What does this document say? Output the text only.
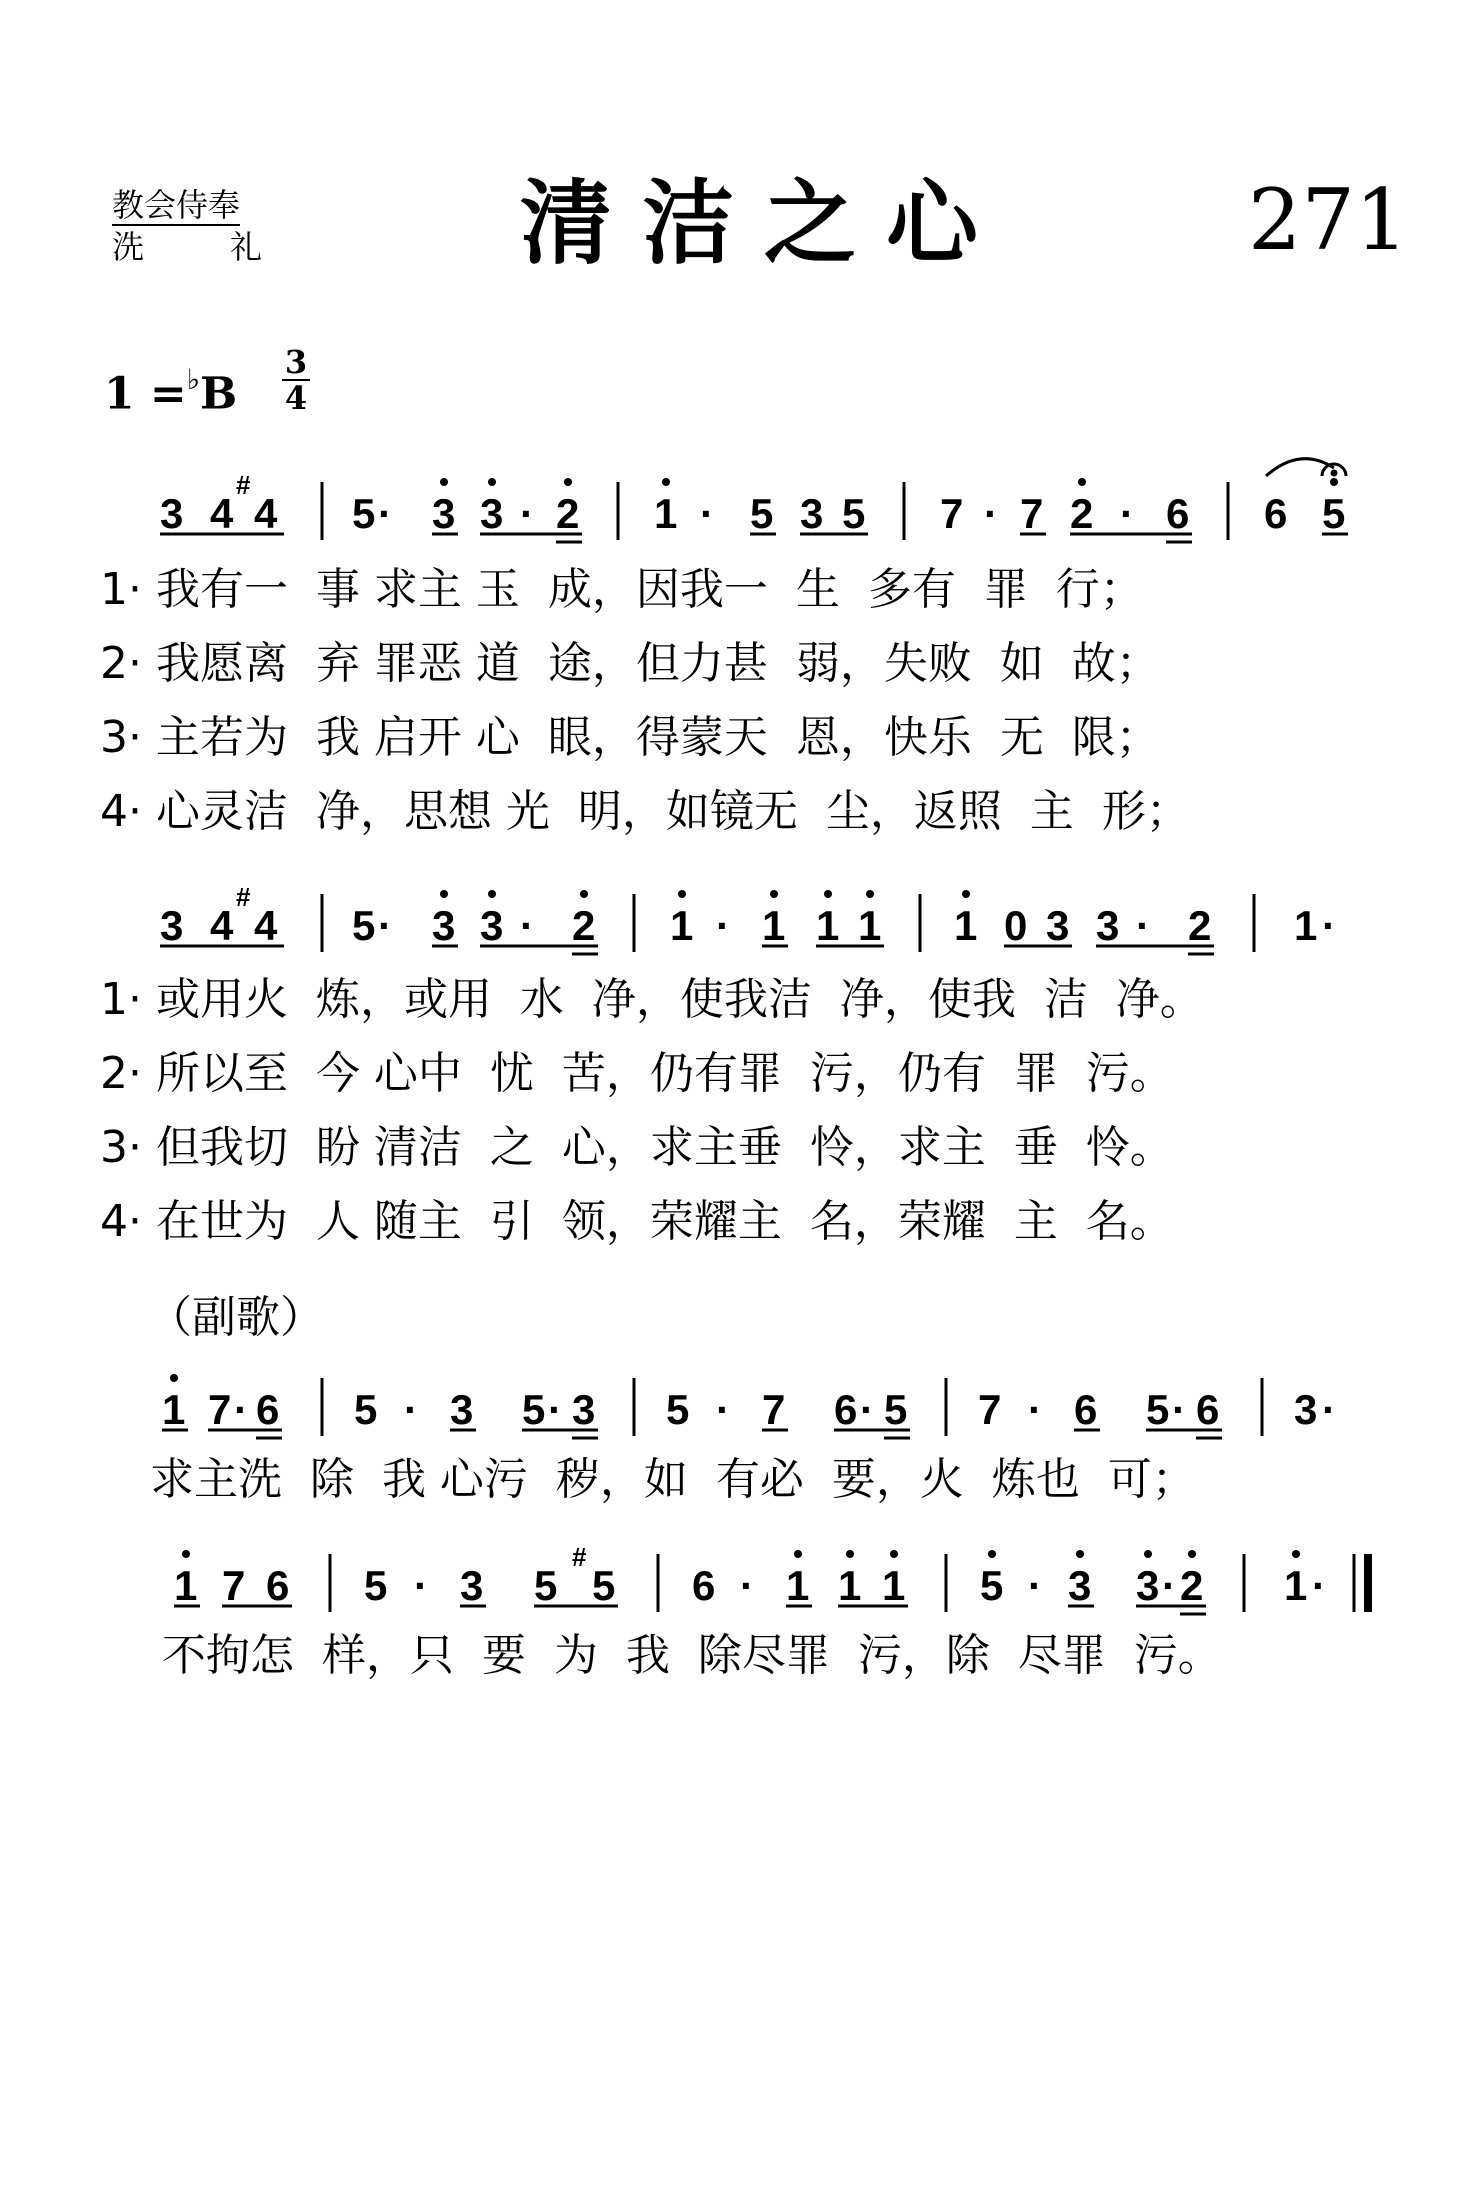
教会侍奉
洗	礼	清洁之心	271
1 =♭B
3
4
3 4
#
4 5 · 3 3 · 2 1 · 5 3 5 7 · 7 2 · 6 6 5
1· 我有一  事 求主 玉  成，因我一  生  多有  罪  行；
2· 我愿离  弃 罪恶 道  途，但力甚  弱，失败  如  故；
3· 主若为  我 启开 心  眼，得蒙天  恩，快乐  无  限；
4· 心灵洁  净，思想 光  明，如镜无  尘，返照  主  形；
3 4
#
4 5 · 3 3 · 2 1 · 1 1 1 1 0 3 3 · 2 1 ·
1· 或用火  炼，或用  水  净，使我洁  净，使我  洁  净。
2· 所以至  今 心中  忧  苦，仍有罪  污，仍有  罪  污。
3· 但我切  盼 清洁  之  心，求主垂  怜，求主  垂  怜。
4· 在世为  人 随主  引  领，荣耀主  名，荣耀  主  名。
（副歌）
1 7 · 6 5 · 3 5 · 3 5 · 7 6 · 5 7 · 6 5 · 6 3 ·
求主洗  除  我 心污  秽，如  有必  要，火  炼也  可；
1 7 6 5 · 3 5
#
5 6 · 1 1 1 5 · 3 3 · 2 1 ·
不拘怎  样，只  要  为  我  除尽罪  污，除  尽罪  污。
